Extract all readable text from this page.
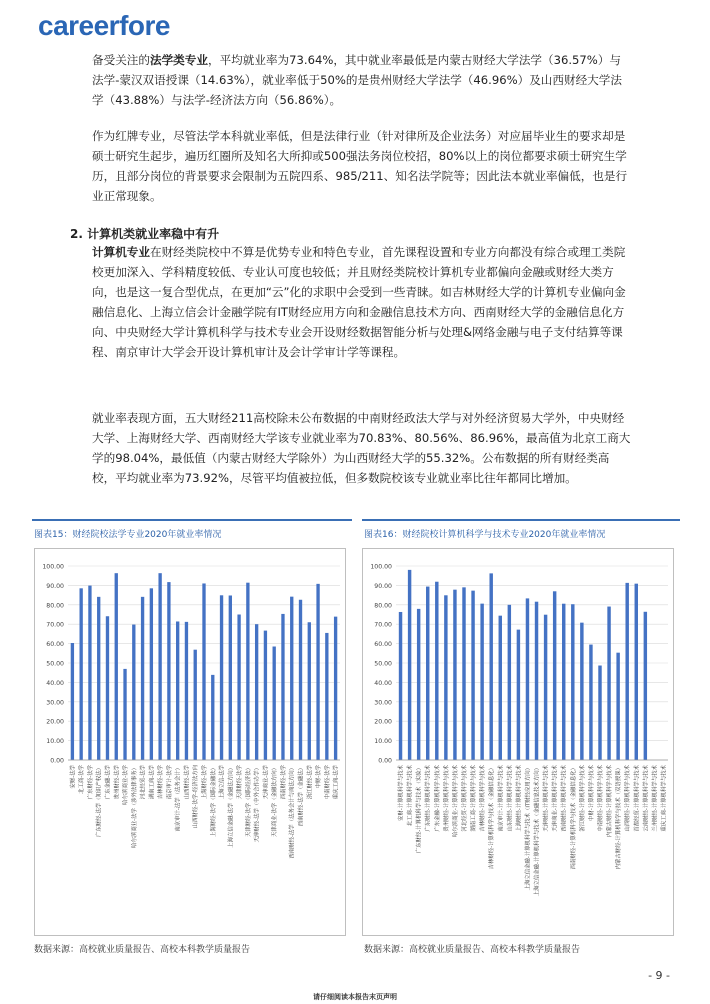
careerfore

备受关注的法学类专业，平均就业率为73.64%，其中就业率最低是内蒙古财经大学法学（36.57%）与法学-蒙汉双语授课（14.63%），就业率低于50%的是贵州财经大学法学（46.96%）及山西财经大学法学（43.88%）与法学-经济法方向（56.86%）。

作为红牌专业，尽管法学本科就业率低，但是法律行业（针对律所及企业法务）对应届毕业生的要求却是硕士研究生起步，遍历红圈所及知名大所抑或500强法务岗位校招，80%以上的岗位都要求硕士研究生学历，且部分岗位的背景要求会限制为五院四系、985/211、知名法学院等；因此法本就业率偏低，也是行业正常现象。

2. 计算机类就业率稳中有升

计算机专业在财经类院校中不算是优势专业和特色专业，首先课程设置和专业方向都没有综合或理工类院校更加深入、学科精度较低、专业认可度也较低；并且财经类院校计算机专业都偏向金融或财经大类方向，也是这一复合型优点，在更加“云”化的求职中会受到一些青睐。如吉林财经大学的计算机专业偏向金融信息化、上海立信会计金融学院有IT财经应用方向和金融信息技术方向、西南财经大学的金融信息化方向、中央财经大学计算机科学与技术专业会开设财经数据智能分析与处理&网络金融与电子支付结算等课程、南京审计大学会开设计算机审计及会计学审计学等课程。

就业率表现方面，五大财经211高校除未公布数据的中南财经政法大学与对外经济贸易大学外，中央财经大学、上海财经大学、西南财经大学该专业就业率为70.83%、80.56%、86.96%，最高值为北京工商大学的98.04%，最低值（内蒙古财经大学除外）为山西财经大学的55.32%。公布数据的所有财经类高校，平均就业率为73.92%，尽管平均值被拉低，但多数院校该专业就业率比往年都同比增加。

图表15：财经院校法学专业2020年就业率情况	图表16：财经院校计算机科学与技术专业2020年就业率情况
0.00
10.00
20.00
30.00
40.00
50.00
60.00
70.00
80.00
90.00
100.00
安财-法学 北工商-法学 广东财经-法学 广东财经-法学（知识产权法） 广东金融-法学 贵州财经-法学 哈尔滨商业-法学 哈尔滨商业-法学（涉外法律事务） 河北经贸-法学 湖南工商-法学 吉林财经-法学 南京审计-法学 南京审计-法学（法务会计） 山西财经-法学 山西财经-法学-经济法方向 上海财经-法学 上海财经-法学（国际金融法） 上海立信-法学 上海立信金融-法学（金融法方向） 天津财经-法学 天津财经-法学（国际经济法） 天津财经-法学（中外合作办学） 天津商业-法学 天津商业-法学（金融法方向） 西南财经-法学 西南财经-法学（法务会计与商法方向） 西南财经-法学（金融法） 浙江财经-法学 中财-法学 中南财经-法学 重庆工商-法学
0.00
10.00
20.00
30.00
40.00
50.00
60.00
70.00
80.00
90.00
100.00
安财-计算机科学与技术 北工商-计算机科学与技术 广东财经-计算机科学与技术（实验） 广东财经-计算机科学与技术 广东金融-计算机科学与技术 贵州财经-计算机科学与技术 哈尔滨商业-计算机科学与技术 河北经贸-计算机科学与技术 湖南工商-计算机科学与技术 吉林财经-计算机科学与技术 吉林财经-计算机科学与技术（金融信息化） 南京审计-计算机科学与技术 山东财经-计算机科学与技术 上海财经-计算机科学与技术 上海立信金融-计算机科学与技术（IT财经应用方向） 上海立信金融-计算机科学与技术（金融信息技术方向） 天津财经-计算机科学与技术 天津商业-计算机科学与技术 西南财经-计算机科学与技术 西南财经-计算机科学与技术（金融信息化） 浙江财经-计算机科学与技术 中财-计算机科学与技术 中南财经-计算机科学与技术 内蒙古财经-计算机科学与技术 内蒙古财经-计算机科学与技术（双语授课） 山西财经-计算机科学与技术 首都经贸-计算机科学与技术 云南财经-计算机科学与技术 兰州财经-计算机科学与技术 重庆工商-计算机科学与技术
数据来源：高校就业质量报告、高校本科教学质量报告	数据来源：高校就业质量报告、高校本科教学质量报告
- 9 -
请仔细阅读本报告末页声明
